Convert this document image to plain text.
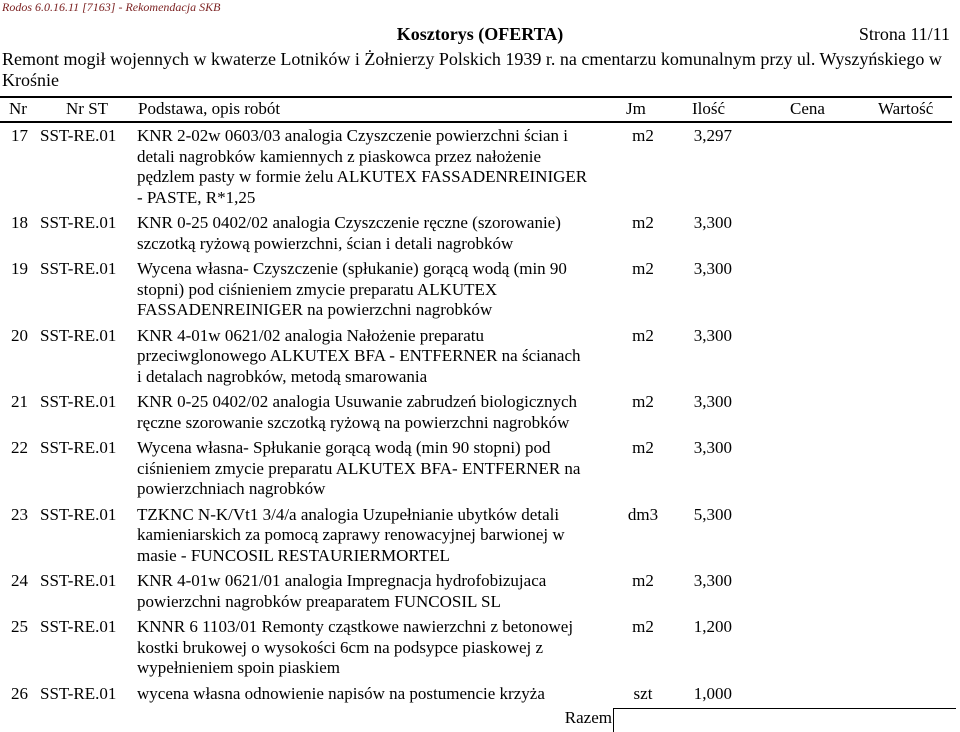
Rodos 6.0.16.11 [7163] - Rekomendacja SKB
Kosztorys (OFERTA)	Strona 11/11
Remont mogił wojennych w kwaterze Lotników i Żołnierzy Polskich 1939 r. na cmentarzu komunalnym przy ul. Wyszyńskiego w
Krośnie
Nr Nr ST Podstawa, opis robót	Jm	Ilość	Cena	Wartość
17 SST-RE.01	KNR 2-02w 0603/03 analogia Czyszczenie powierzchni ścian i
detali nagrobków kamiennych z piaskowca przez nałożenie
pędzlem pasty w formie żelu ALKUTEX FASSADENREINIGER
- PASTE, R*1,25
m2	3,297
18 SST-RE.01	KNR 0-25 0402/02 analogia Czyszczenie ręczne (szorowanie)
szczotką ryżową powierzchni, ścian i detali nagrobków
m2	3,300
19 SST-RE.01	Wycena własna- Czyszczenie (spłukanie) gorącą wodą (min 90
stopni) pod ciśnieniem zmycie preparatu ALKUTEX
FASSADENREINIGER na powierzchni nagrobków
m2	3,300
20 SST-RE.01	KNR 4-01w 0621/02 analogia Nałożenie preparatu
przeciwglonowego ALKUTEX BFA - ENTFERNER na ścianach
i detalach nagrobków, metodą smarowania
m2	3,300
21 SST-RE.01	KNR 0-25 0402/02 analogia Usuwanie zabrudzeń biologicznych
ręczne szorowanie szczotką ryżową na powierzchni nagrobków
m2	3,300
22 SST-RE.01	Wycena własna- Spłukanie gorącą wodą (min 90 stopni) pod
ciśnieniem zmycie preparatu ALKUTEX BFA- ENTFERNER na
powierzchniach nagrobków
m2	3,300
23 SST-RE.01	TZKNC N-K/Vt1 3/4/a analogia Uzupełnianie ubytków detali
kamieniarskich za pomocą zaprawy renowacyjnej barwionej w
masie - FUNCOSIL RESTAURIERMORTEL
dm3	5,300
24 SST-RE.01	KNR 4-01w 0621/01 analogia Impregnacja hydrofobizujaca
powierzchni nagrobków preaparatem FUNCOSIL SL
m2	3,300
25 SST-RE.01	KNNR 6 1103/01 Remonty cząstkowe nawierzchni z betonowej
kostki brukowej o wysokości 6cm na podsypce piaskowej z
wypełnieniem spoin piaskiem
m2	1,200
26 SST-RE.01	wycena własna odnowienie napisów na postumencie krzyża	szt	1,000
Razem
